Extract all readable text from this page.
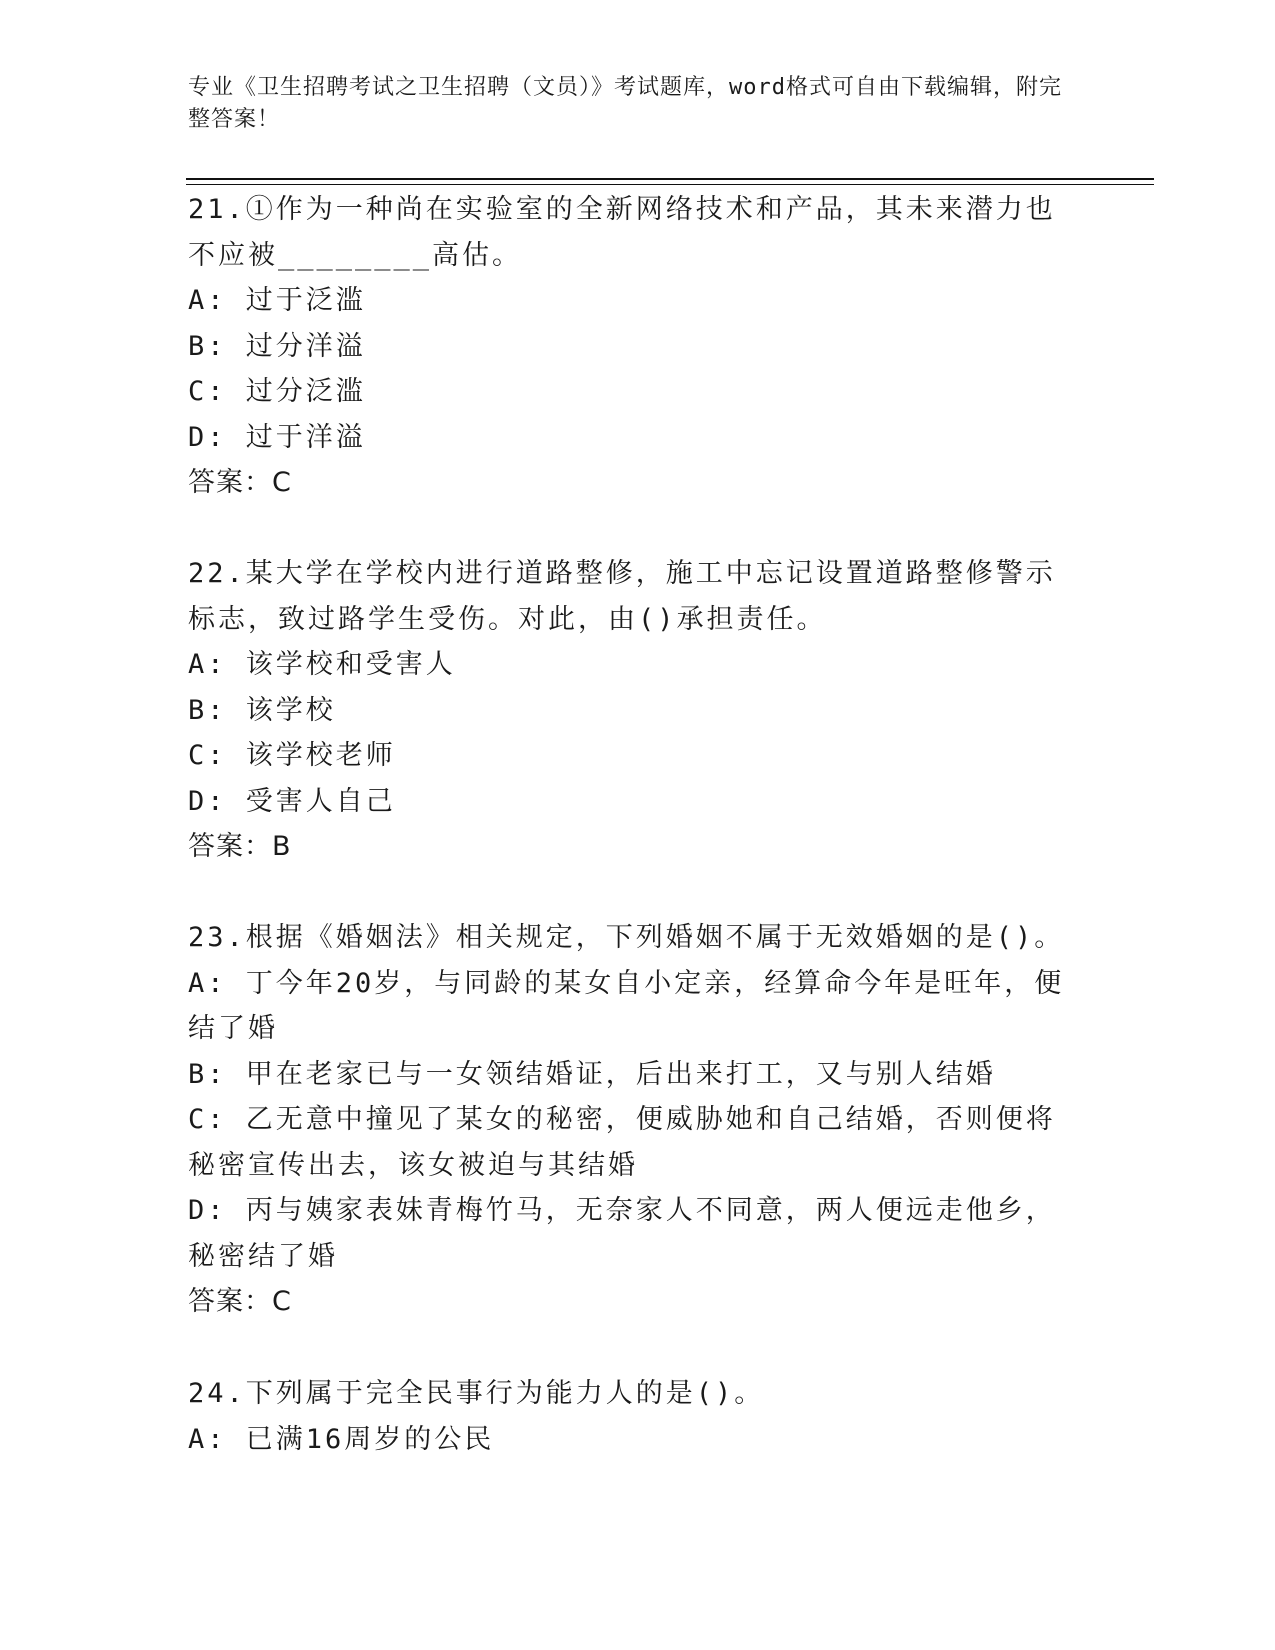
专业《卫生招聘考试之卫生招聘（文员）》考试题库，word格式可自由下载编辑，附完整答案！

21.①作为一种尚在实验室的全新网络技术和产品，其未来潜力也不应被________高估。

A: 过于泛滥

B: 过分洋溢

C: 过分泛滥

D: 过于洋溢

答案：C

22.某大学在学校内进行道路整修，施工中忘记设置道路整修警示标志，致过路学生受伤。对此，由()承担责任。

A: 该学校和受害人

B: 该学校

C: 该学校老师

D: 受害人自己

答案：B

23.根据《婚姻法》相关规定，下列婚姻不属于无效婚姻的是()。

A: 丁今年20岁，与同龄的某女自小定亲，经算命今年是旺年，便结了婚

B: 甲在老家已与一女领结婚证，后出来打工，又与别人结婚

C: 乙无意中撞见了某女的秘密，便威胁她和自己结婚，否则便将秘密宣传出去，该女被迫与其结婚

D: 丙与姨家表妹青梅竹马，无奈家人不同意，两人便远走他乡，秘密结了婚

答案：C

24.下列属于完全民事行为能力人的是()。

A: 已满16周岁的公民
